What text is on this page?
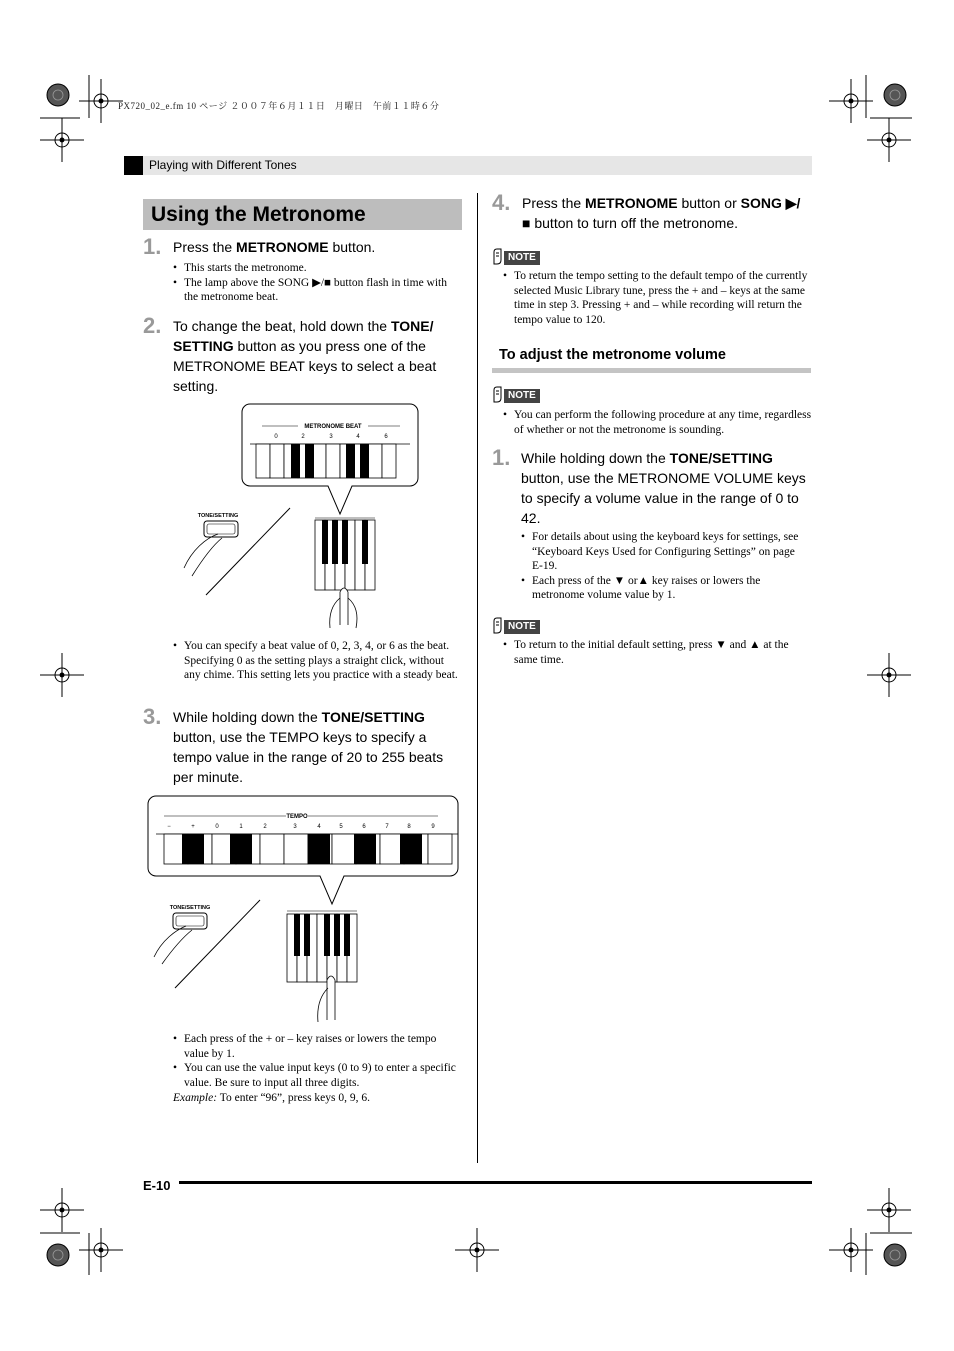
PX720_02_e.fm 10 ページ ２００７年６月１１日　月曜日　午前１１時６分
Playing with Different Tones
Using the Metronome
1. Press the METRONOME button.
• This starts the metronome.
• The lamp above the SONG ▶/■ button flash in time with the metronome beat.
2. To change the beat, hold down the TONE/ SETTING button as you press one of the METRONOME BEAT keys to select a beat setting.
METRONOME BEAT
0	2	3	4	6
TONE/SETTING
• You can specify a beat value of 0, 2, 3, 4, or 6 as the beat. Specifying 0 as the setting plays a straight click, without any chime. This setting lets you practice with a steady beat.
3. While holding down the TONE/SETTING button, use the TEMPO keys to specify a tempo value in the range of 20 to 255 beats per minute.
TEMPO
−	+	0	1	2	3	4	5	6	7	8	9
TONE/SETTING
• Each press of the + or – key raises or lowers the tempo value by 1.
• You can use the value input keys (0 to 9) to enter a specific value. Be sure to input all three digits.
Example: To enter “96”, press keys 0, 9, 6.
4. Press the METRONOME button or SONG ▶/■ button to turn off the metronome.
NOTE
• To return the tempo setting to the default tempo of the currently selected Music Library tune, press the + and – keys at the same time in step 3. Pressing + and – while recording will return the tempo value to 120.
To adjust the metronome volume
NOTE
• You can perform the following procedure at any time, regardless of whether or not the metronome is sounding.
1. While holding down the TONE/SETTING button, use the METRONOME VOLUME keys to specify a volume value in the range of 0 to 42.
• For details about using the keyboard keys for settings, see “Keyboard Keys Used for Configuring Settings” on page E-19.
• Each press of the ▼ or▲ key raises or lowers the metronome volume value by 1.
NOTE
• To return to the initial default setting, press ▼ and ▲ at the same time.
E-10
